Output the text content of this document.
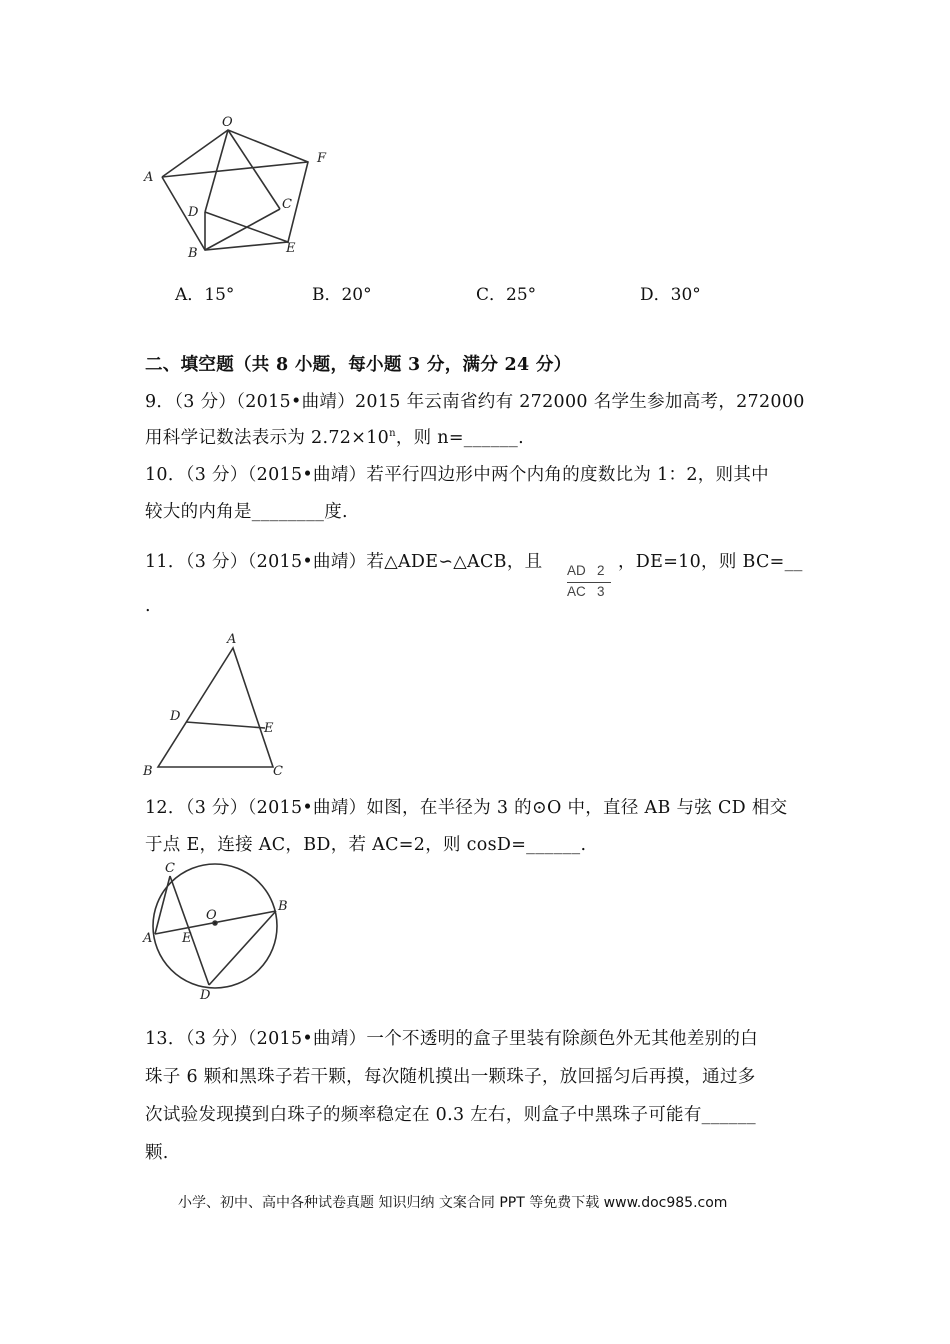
O
F
A
C
D
B	E
A．15°	B．20°	C．25°	D．30°
二、填空题（共 8 小题，每小题 3 分，满分 24 分）
9．（3 分）（2015•曲靖）2015 年云南省约有 272000 名学生参加高考，272000
用科学记数法表示为 $2.72\times 10^n$，则 n=______.
10．（3 分）（2015•曲靖）若平行四边形中两个内角的度数比为 1：2，则其中
较大的内角是________度.
11．（3 分）（2015•曲靖）若△ADE∽△ACB，且 AD   2
AC   3
，DE=10，则 BC=__
.
A
D
E
B	C
12．（3 分）（2015•曲靖）如图，在半径为 3 的⊙O 中，直径 AB 与弦 CD 相交
于点 E，连接 AC，BD，若 AC=2，则 cosD=______.
C
O
B
A E
D
13．（3 分）（2015•曲靖）一个不透明的盒子里装有除颜色外无其他差别的白
珠子 6 颗和黑珠子若干颗，每次随机摸出一颗珠子，放回摇匀后再摸，通过多
次试验发现摸到白珠子的频率稳定在 0.3 左右，则盒子中黑珠子可能有______
颗.
小学、初中、高中各种试卷真题 知识归纳 文案合同 PPT 等免费下载 www.doc985.com
